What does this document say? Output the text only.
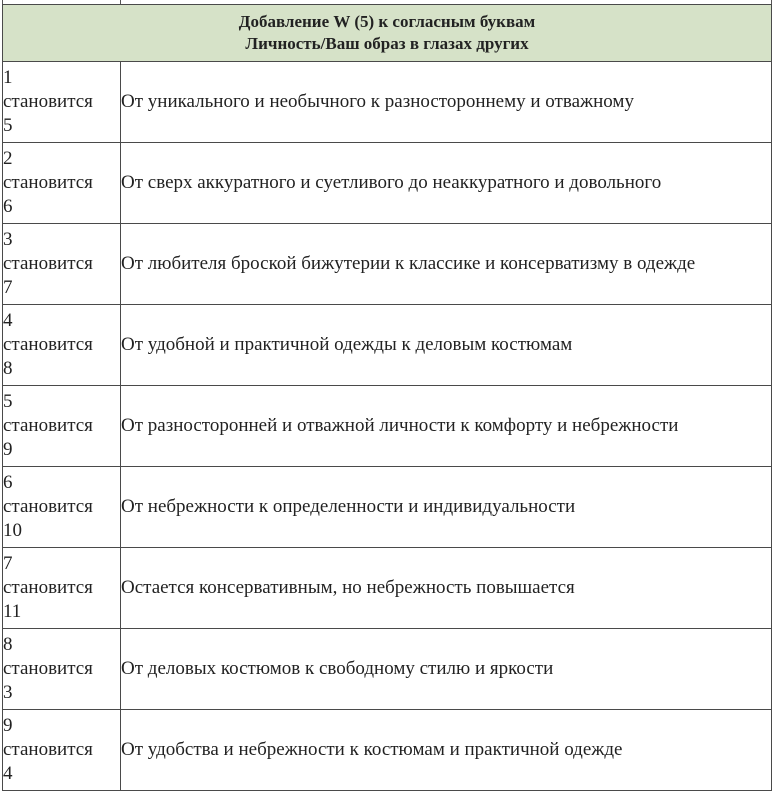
Добавление W (5) к согласным буквам
Личность/Ваш образ в глазах других	

1
становится
5	От уникального и необычного к разностороннему и отважному

2
становится
6	От сверх аккуратного и суетливого до неаккуратного и довольного

3
становится
7	От любителя броской бижутерии к классике и консерватизму в одежде

4
становится
8	От удобной и практичной одежды к деловым костюмам

5
становится
9	От разносторонней и отважной личности к комфорту и небрежности

6
становится
10	От небрежности к определенности и индивидуальности

7
становится
11	Остается консервативным, но небрежность повышается

8
становится
3	От деловых костюмов к свободному стилю и яркости

9
становится
4	От удобства и небрежности к костюмам и практичной одежде
